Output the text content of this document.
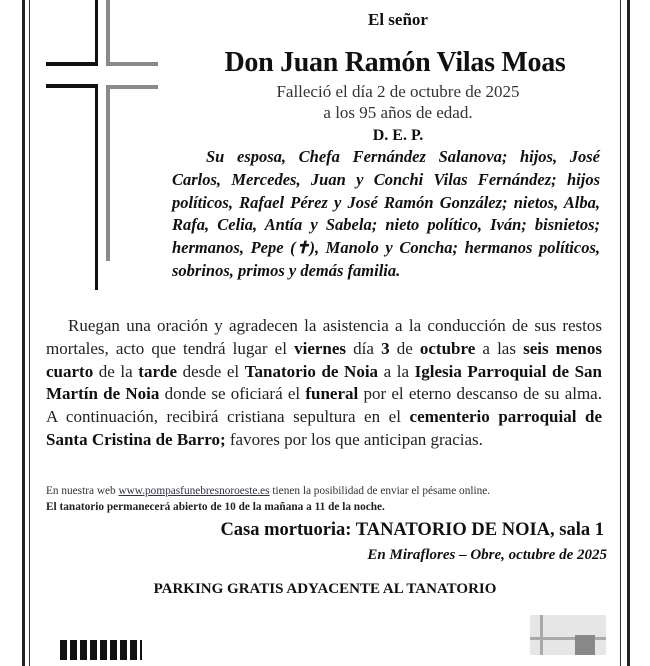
El señor
Don Juan Ramón Vilas Moas
Falleció el día 2 de octubre de 2025
a los 95 años de edad.
D. E. P.
Su esposa, Chefa Fernández Salanova; hijos, José Carlos, Mercedes, Juan y Conchi Vilas Fernández; hijos políticos, Rafael Pérez y José Ramón González; nietos, Alba, Rafa, Celia, Antía y Sabela; nieto político, Iván; bisnietos; hermanos, Pepe (✝), Manolo y Concha; hermanos políticos, sobrinos, primos y demás familia.
Ruegan una oración y agradecen la asistencia a la conducción de sus restos mortales, acto que tendrá lugar el viernes día 3 de octubre a las seis menos cuarto de la tarde desde el Tanatorio de Noia a la Iglesia Parroquial de San Martín de Noia donde se oficiará el funeral por el eterno descanso de su alma. A continuación, recibirá cristiana sepultura en el cementerio parroquial de Santa Cristina de Barro; favores por los que anticipan gracias.
En nuestra web www.pompasfunebresnoroeste.es tienen la posibilidad de enviar el pésame online.
El tanatorio permanecerá abierto de 10 de la mañana a 11 de la noche.
Casa mortuoria: TANATORIO DE NOIA, sala 1
En Miraflores – Obre, octubre de 2025
PARKING GRATIS ADYACENTE AL TANATORIO
